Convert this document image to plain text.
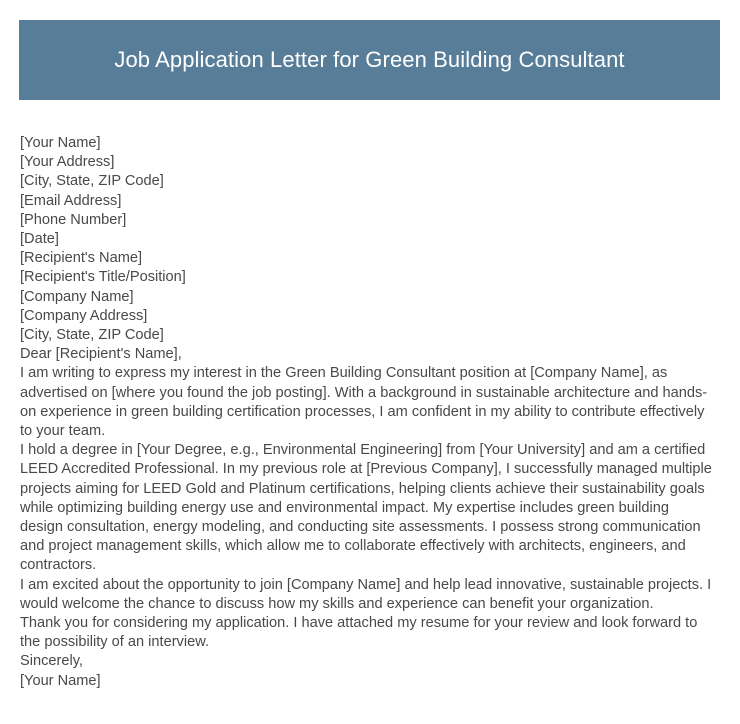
Job Application Letter for Green Building Consultant

[Your Name]

[Your Address]

[City, State, ZIP Code]

[Email Address]

[Phone Number]

[Date]

[Recipient's Name]

[Recipient's Title/Position]

[Company Name]

[Company Address]

[City, State, ZIP Code]

Dear [Recipient's Name],

I am writing to express my interest in the Green Building Consultant position at [Company Name], as advertised on [where you found the job posting]. With a background in sustainable architecture and hands-on experience in green building certification processes, I am confident in my ability to contribute effectively to your team.

I hold a degree in [Your Degree, e.g., Environmental Engineering] from [Your University] and am a certified LEED Accredited Professional. In my previous role at [Previous Company], I successfully managed multiple projects aiming for LEED Gold and Platinum certifications, helping clients achieve their sustainability goals while optimizing building energy use and environmental impact. My expertise includes green building design consultation, energy modeling, and conducting site assessments. I possess strong communication and project management skills, which allow me to collaborate effectively with architects, engineers, and contractors.

I am excited about the opportunity to join [Company Name] and help lead innovative, sustainable projects. I would welcome the chance to discuss how my skills and experience can benefit your organization.

Thank you for considering my application. I have attached my resume for your review and look forward to the possibility of an interview.

Sincerely,

[Your Name]
